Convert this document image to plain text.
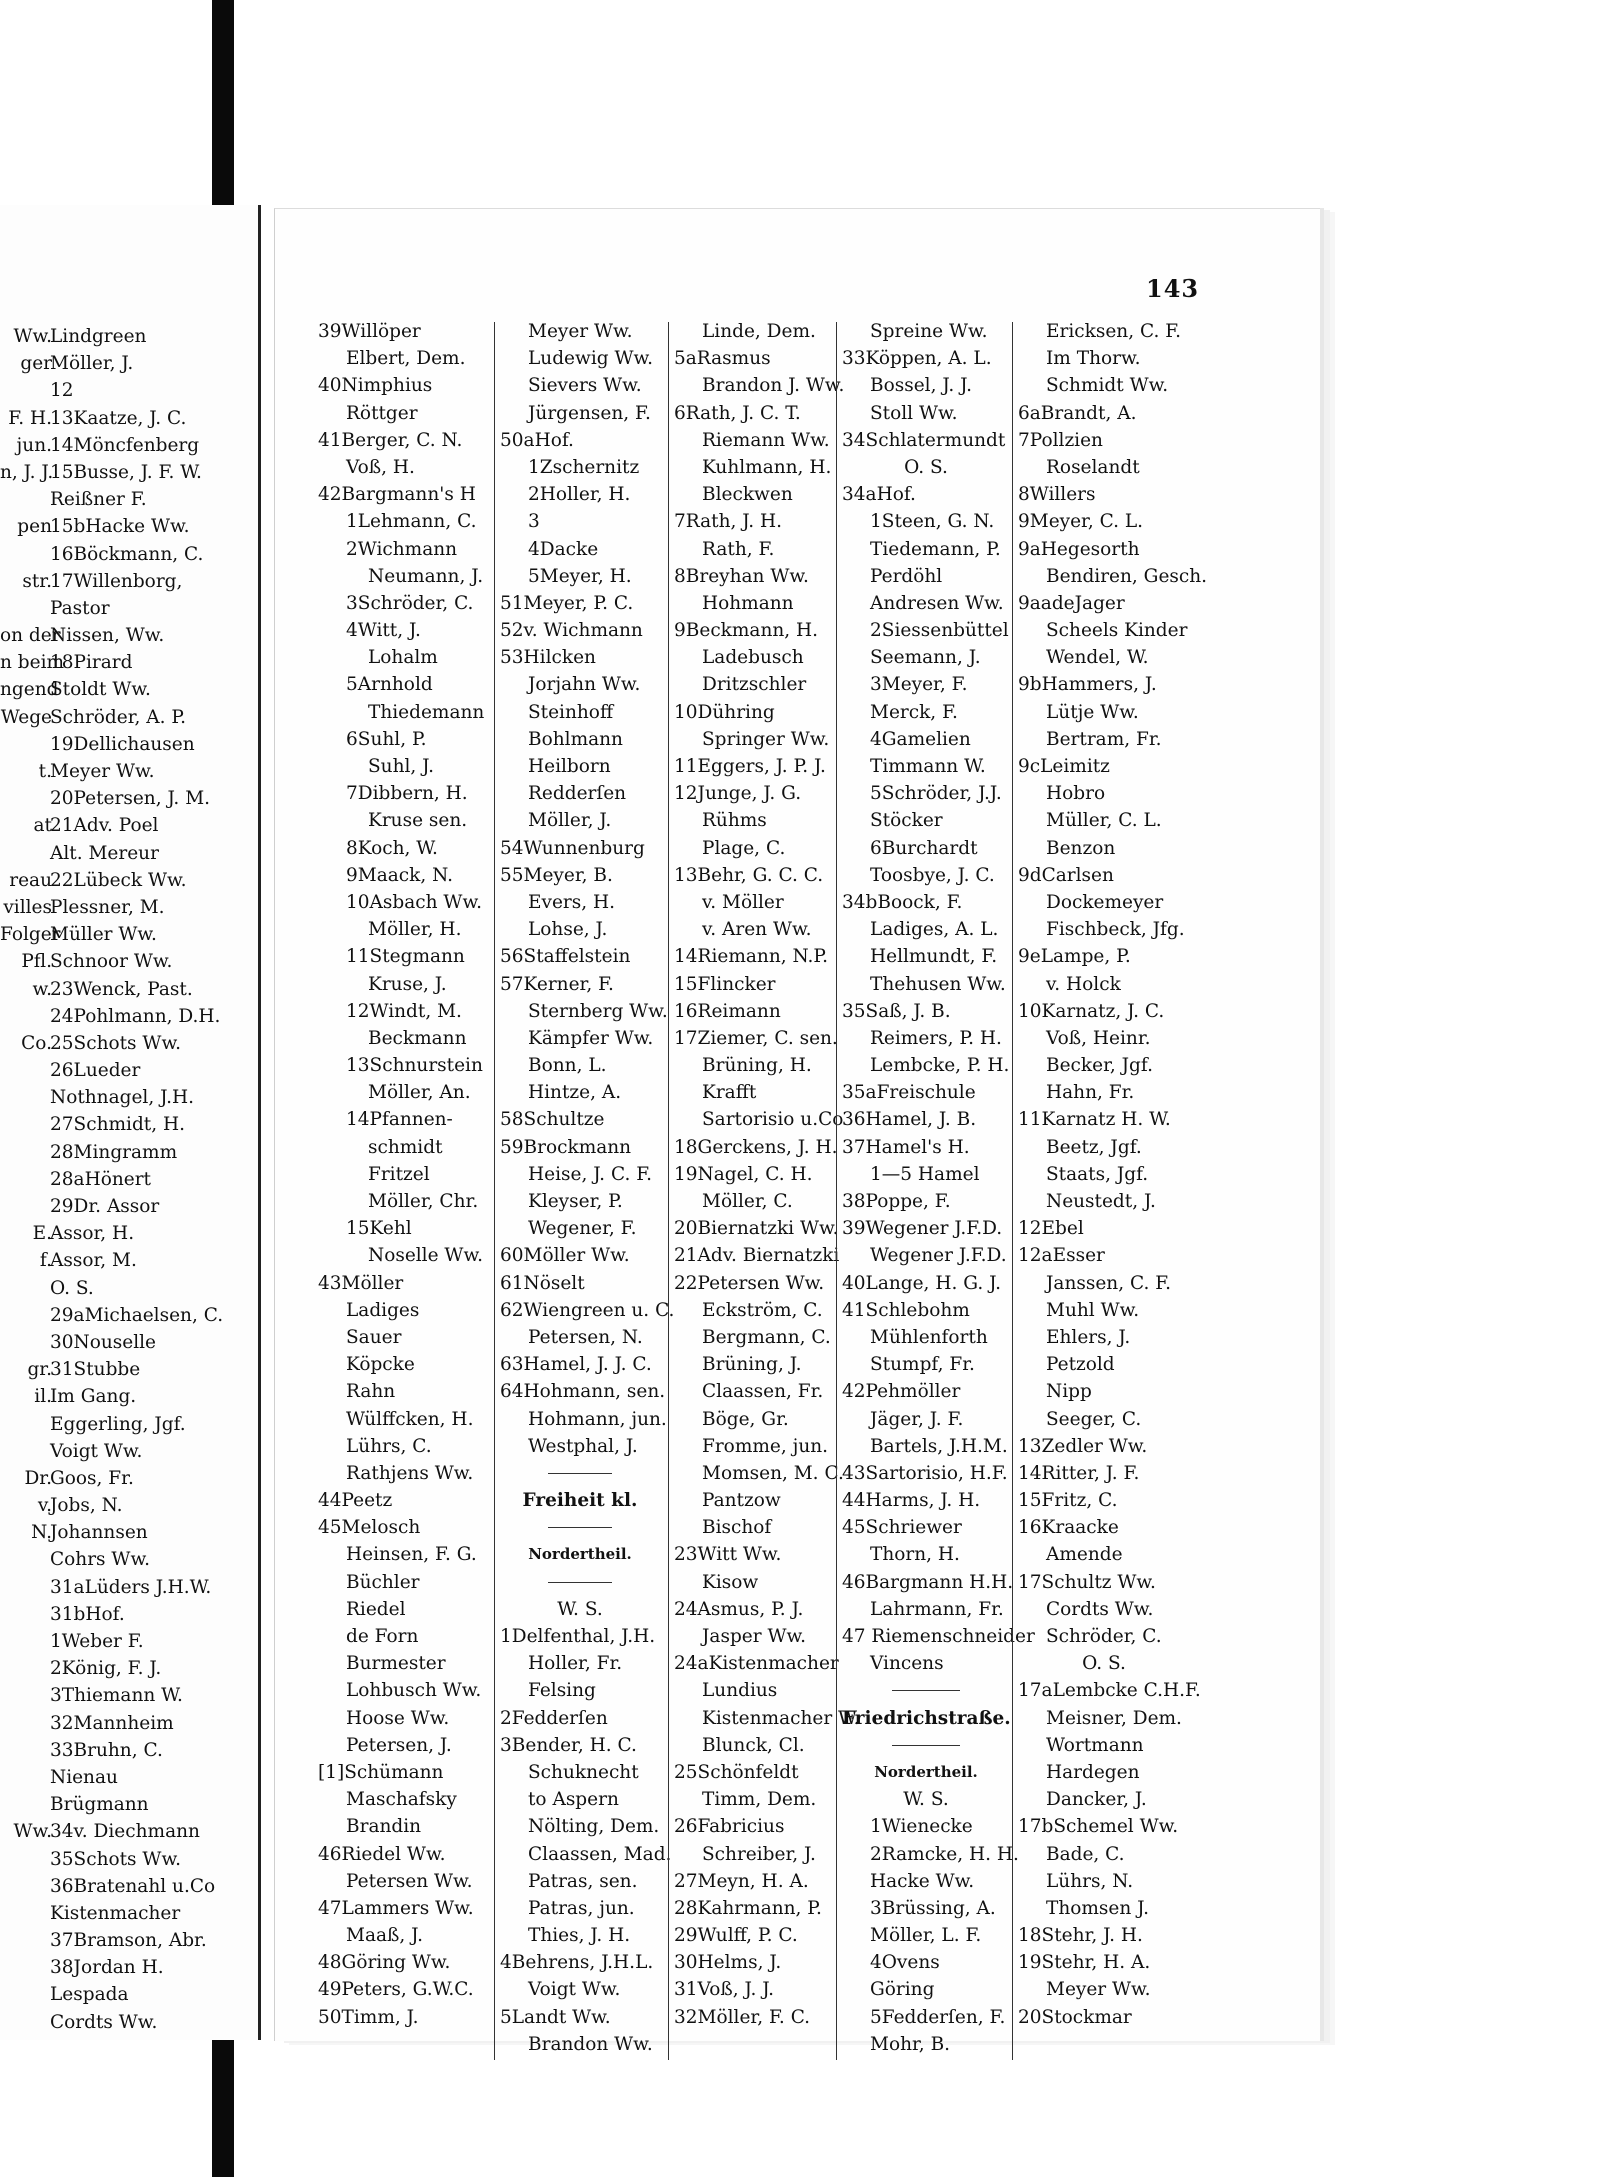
Ww.
ger
F. H.
jun.
n, J. J.
pen
str.
on der
n beim
ngend
Wege
t.
at
reau
villes
Folger
Pfl.
w.
Co.
E.
f.
gr.
il.
Dr.
v.
N.
Ww.
Lindgreen
Möller, J.
12
13Kaatze, J. C.
14Möncfenberg
15Busse, J. F. W.
Reißner F.
15bHacke Ww.
16Böckmann, C.
17Willenborg,
Pastor
Nissen, Ww.
18Pirard
Stoldt Ww.
Schröder, A. P.
19Dellichausen
Meyer Ww.
20Petersen, J. M.
21Adv. Poel
Alt. Mereur
22Lübeck Ww.
Plessner, M.
Müller Ww.
Schnoor Ww.
23Wenck, Past.
24Pohlmann, D.H.
25Schots Ww.
26Lueder
Nothnagel, J.H.
27Schmidt, H.
28Mingramm
28aHönert
29Dr. Assor
Assor, H.
Assor, M.
O. S.
29aMichaelsen, C.
30Nouselle
31Stubbe
Im Gang.
Eggerling, Jgf.
Voigt Ww.
Goos, Fr.
Jobs, N.
Johannsen
Cohrs Ww.
31aLüders J.H.W.
31bHof.
1Weber F.
2König, F. J.
3Thiemann W.
32Mannheim
33Bruhn, C.
Nienau
Brügmann
34v. Diechmann
35Schots Ww.
36Bratenahl u.Co
Kistenmacher
37Bramson, Abr.
38Jordan H.
Lespada
Cordts Ww.
143
39Willöper
Elbert, Dem.
40Nimphius
Röttger
41Berger, C. N.
Voß, H.
42Bargmann's H
1Lehmann, C.
2Wichmann
Neumann, J.
3Schröder, C.
4Witt, J.
Lohalm
5Arnhold
Thiedemann
6Suhl, P.
Suhl, J.
7Dibbern, H.
Kruse sen.
8Koch, W.
9Maack, N.
10Asbach Ww.
Möller, H.
11Stegmann
Kruse, J.
12Windt, M.
Beckmann
13Schnurstein
Möller, An.
14Pfannen-
schmidt
Fritzel
Möller, Chr.
15Kehl
Noselle Ww.
43Möller
Ladiges
Sauer
Köpcke
Rahn
Wülffcken, H.
Lührs, C.
Rathjens Ww.
44Peetz
45Melosch
Heinsen, F. G.
Büchler
Riedel
de Forn
Burmester
Lohbusch Ww.
Hoose Ww.
Petersen, J.
[1]Schümann
Maschafsky
Brandin
46Riedel Ww.
Petersen Ww.
47Lammers Ww.
Maaß, J.
48Göring Ww.
49Peters, G.W.C.
50Timm, J.
Meyer Ww.
Ludewig Ww.
Sievers Ww.
Jürgensen, F.
50aHof.
1Zschernitz
2Holler, H.
3
4Dacke
5Meyer, H.
51Meyer, P. C.
52v. Wichmann
53Hilcken
Jorjahn Ww.
Steinhoff
Bohlmann
Heilborn
Redderſen
Möller, J.
54Wunnenburg
55Meyer, B.
Evers, H.
Lohse, J.
56Staffelstein
57Kerner, F.
Sternberg Ww.
Kämpfer Ww.
Bonn, L.
Hintze, A.
58Schultze
59Brockmann
Heise, J. C. F.
Kleyser, P.
Wegener, F.
60Möller Ww.
61Nöselt
62Wiengreen u. C.
Petersen, N.
63Hamel, J. J. C.
64Hohmann, sen.
Hohmann, jun.
Westphal, J.
Freiheit kl.
Norderthеil.
W. S.
1Delfenthal, J.H.
Holler, Fr.
Felsing
2Fedderſen
3Bender, H. C.
Schuknecht
to Aspern
Nölting, Dem.
Claassen, Mad.
Patras, sen.
Patras, jun.
Thies, J. H.
4Behrens, J.H.L.
Voigt Ww.
5Landt Ww.
Brandon Ww.
Linde, Dem.
5aRasmus
Brandon J. Ww.
6Rath, J. C. T.
Riemann Ww.
Kuhlmann, H.
Bleckwen
7Rath, J. H.
Rath, F.
8Breyhan Ww.
Hohmann
9Beckmann, H.
Ladebusch
Dritzschler
10Dühring
Springer Ww.
11Eggers, J. P. J.
12Junge, J. G.
Rühms
Plage, C.
13Behr, G. C. C.
v. Möller
v. Aren Ww.
14Riemann, N.P.
15Flincker
16Reimann
17Ziemer, C. sen.
Brüning, H.
Krafft
Sartorisio u.Co
18Gerckens, J. H.
19Nagel, C. H.
Möller, C.
20Biernatzki Ww.
21Adv. Biernatzki
22Petersen Ww.
Eckström, C.
Bergmann, C.
Brüning, J.
Claassen, Fr.
Böge, Gr.
Fromme, jun.
Momsen, M. C.
Pantzow
Bischof
23Witt Ww.
Kisow
24Asmus, P. J.
Jasper Ww.
24aKistenmacher
Lundius
Kistenmacher W.
Blunck, Cl.
25Schönfeldt
Timm, Dem.
26Fabricius
Schreiber, J.
27Meyn, H. A.
28Kahrmann, P.
29Wulff, P. C.
30Helms, J.
31Voß, J. J.
32Möller, F. C.
Spreine Ww.
33Köppen, A. L.
Bossel, J. J.
Stoll Ww.
34Schlatermundt
O. S.
34aHof.
1Steen, G. N.
Tiedemann, P.
Perdöhl
Andresen Ww.
2Siessenbüttel
Seemann, J.
3Meyer, F.
Merck, F.
4Gamelien
Timmann W.
5Schröder, J.J.
Stöcker
6Burchardt
Toosbye, J. C.
34bBoock, F.
Ladiges, A. L.
Hellmundt, F.
Thehusen Ww.
35Saß, J. B.
Reimers, P. H.
Lembcke, P. H.
35aFreischule
36Hamel, J. B.
37Hamel's H.
1—5 Hamel
38Poppe, F.
39Wegener J.F.D.
Wegener J.F.D.
40Lange, H. G. J.
41Schlebohm
Mühlenforth
Stumpf, Fr.
42Pehmöller
Jäger, J. F.
Bartels, J.H.M.
43Sartorisio, H.F.
44Harms, J. H.
45Schriewer
Thorn, H.
46Bargmann H.H.
Lahrmann, Fr.
47 Riemenschneider
Vincens
Friedrichstraße.
Norderthеil.
W. S.
1Wienecke
2Ramcke, H. H.
Hacke Ww.
3Brüssing, A.
Möller, L. F.
4Ovens
Göring
5Fedderſen, F.
Mohr, B.
Ericksen, C. F.
Im Thorw.
Schmidt Ww.
6aBrandt, A.
7Pollzien
Roselandt
8Willers
9Meyer, C. L.
9aHegesorth
Bendiren, Gesch.
9aadeJager
Scheels Kinder
Wendel, W.
9bHammers, J.
Lütje Ww.
Bertram, Fr.
9cLeimitz
Hobro
Müller, C. L.
Benzon
9dCarlsen
Dockemeyer
Fischbeck, Jfg.
9eLampe, P.
v. Holck
10Karnatz, J. C.
Voß, Heinr.
Becker, Jgf.
Hahn, Fr.
11Karnatz H. W.
Beetz, Jgf.
Staats, Jgf.
Neustedt, J.
12Ebel
12aEsser
Janssen, C. F.
Muhl Ww.
Ehlers, J.
Petzold
Nipp
Seeger, C.
13Zedler Ww.
14Ritter, J. F.
15Fritz, C.
16Kraacke
Amende
17Schultz Ww.
Cordts Ww.
Schröder, C.
O. S.
17aLembcke C.H.F.
Meisner, Dem.
Wortmann
Hardegen
Dancker, J.
17bSchemel Ww.
Bade, C.
Lührs, N.
Thomsen J.
18Stehr, J. H.
19Stehr, H. A.
Meyer Ww.
20Stockmar
